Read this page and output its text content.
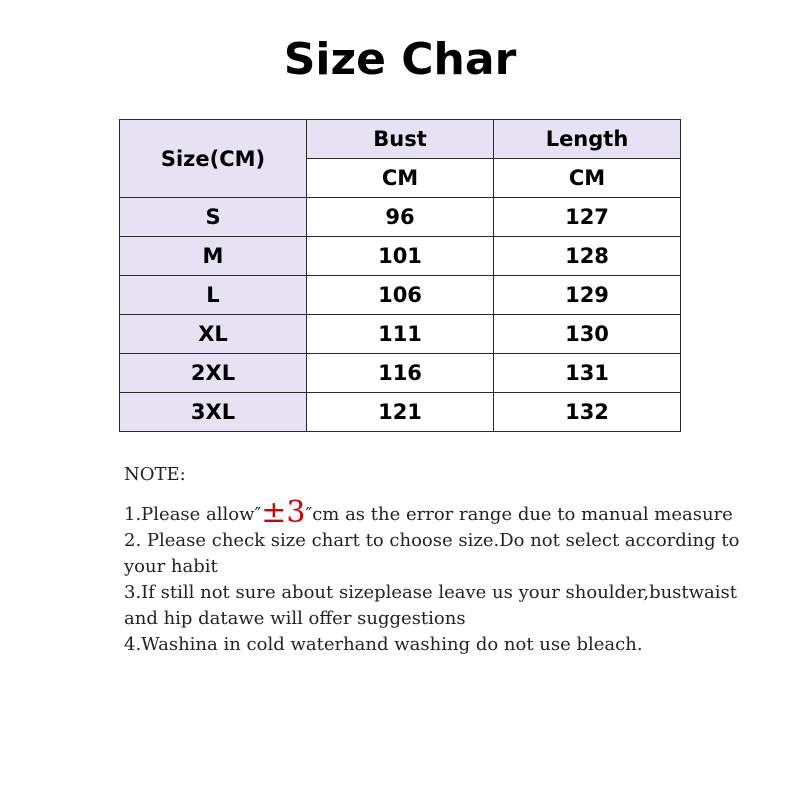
Size Char
Size(CM)	Bust	Length
	CM	CM
S	96	127
M	101	128
L	106	129
XL	111	130
2XL	116	131
3XL	121	132

NOTE:

1.Please allow″±3″cm as the error range due to manual measure

2. Please check size chart to choose size.Do not select according to your habit

3.If still not sure about sizeplease leave us your shoulder,bustwaist and hip datawe will offer suggestions

4.Washina in cold waterhand washing do not use bleach.
